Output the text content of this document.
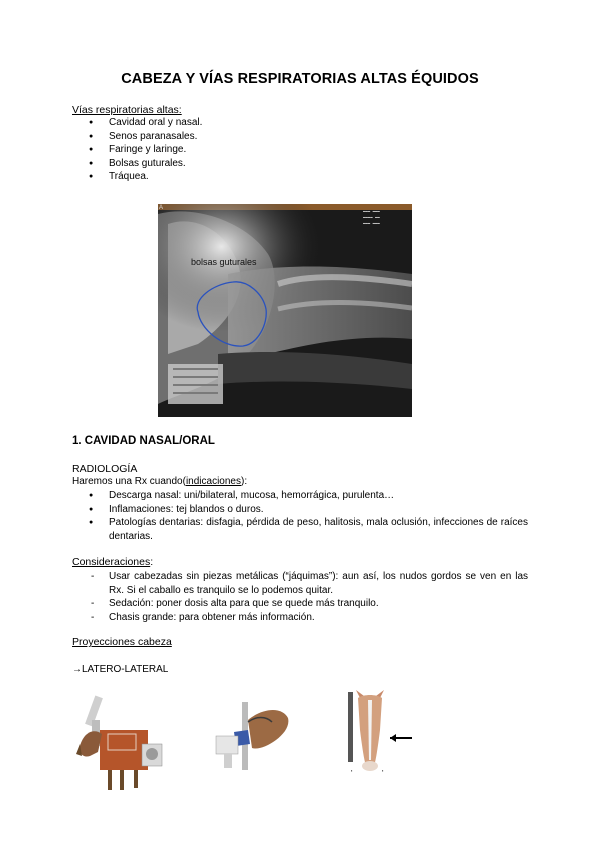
CABEZA Y VÍAS RESPIRATORIAS ALTAS ÉQUIDOS
Vías respiratorias altas:
● Cavidad oral y nasal.
● Senos paranasales.
● Faringe y laringe.
● Bolsas guturales.
● Tráquea.
bolsas guturales
A
▬▬▬ ▬▬▬
▬▬▬▬ ▬▬
▬▬▬ ▬▬▬
1. CAVIDAD NASAL/ORAL
RADIOLOGÍA
Haremos una Rx cuando(indicaciones):
● Descarga nasal: uni/bilateral, mucosa, hemorrágica, purulenta…
● Inflamaciones: tej blandos o duros.
● Patologías dentarias: disfagia, pérdida de peso, halitosis, mala oclusión, infecciones de raíces dentarias.
Consideraciones:
- Usar cabezadas sin piezas metálicas (“jáquimas”): aun así, los nudos gordos se ven en las Rx. Si el caballo es tranquilo se lo podemos quitar.
- Sedación: poner dosis alta para que se quede más tranquilo.
- Chasis grande: para obtener más información.
Proyecciones cabeza
→LATERO-LATERAL
▪	▪
